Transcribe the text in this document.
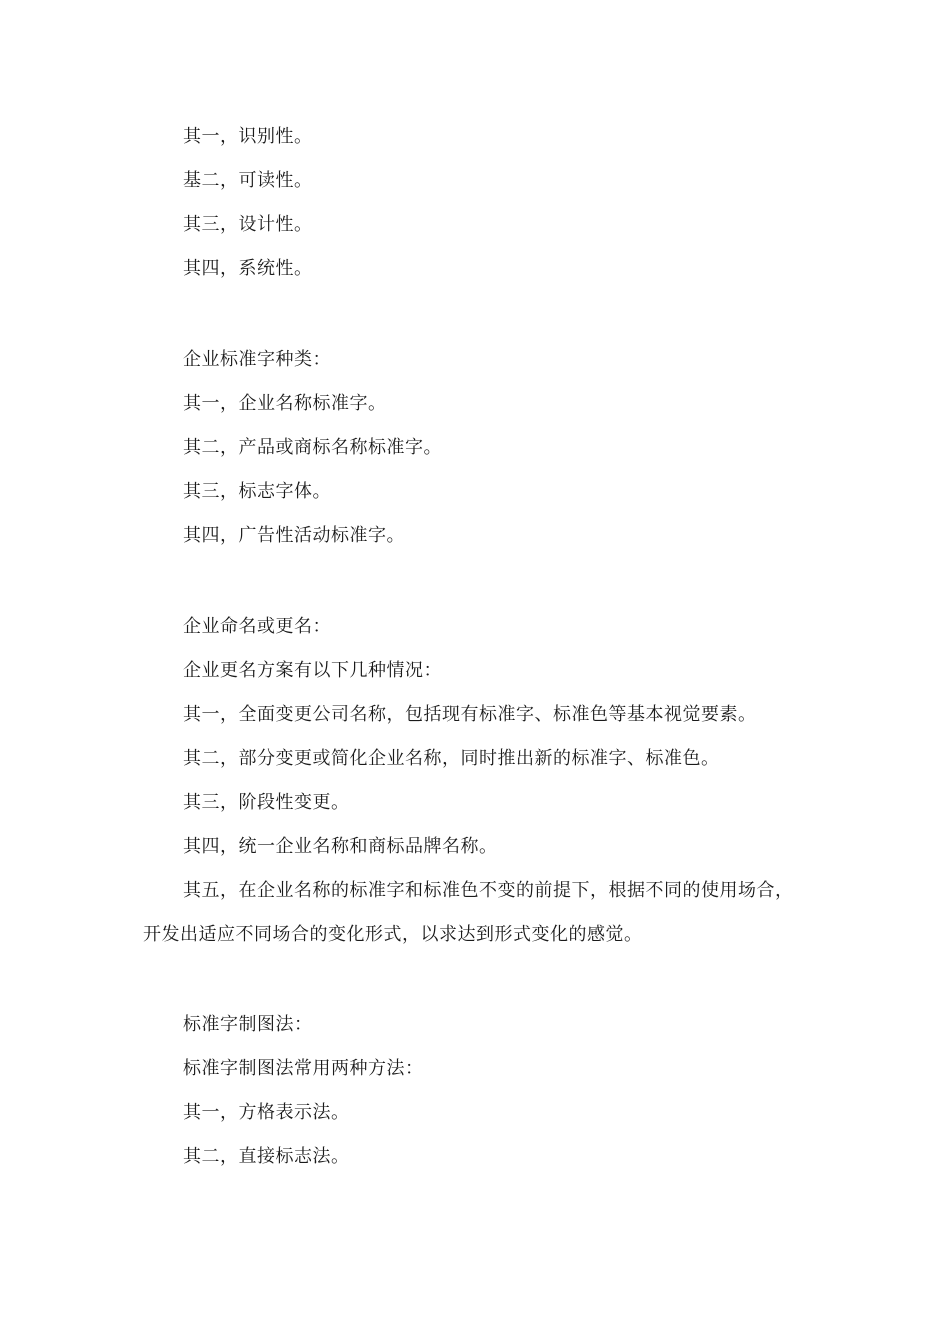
其一，识别性。
基二，可读性。
其三，设计性。
其四，系统性。
企业标准字种类：
其一，企业名称标准字。
其二，产品或商标名称标准字。
其三，标志字体。
其四，广告性活动标准字。
企业命名或更名：
企业更名方案有以下几种情况：
其一，全面变更公司名称，包括现有标准字、标准色等基本视觉要素。
其二，部分变更或简化企业名称，同时推出新的标准字、标准色。
其三，阶段性变更。
其四，统一企业名称和商标品牌名称。
其五，在企业名称的标准字和标准色不变的前提下，根据不同的使用场合，
开发出适应不同场合的变化形式，以求达到形式变化的感觉。
标准字制图法：
标准字制图法常用两种方法：
其一，方格表示法。
其二，直接标志法。
